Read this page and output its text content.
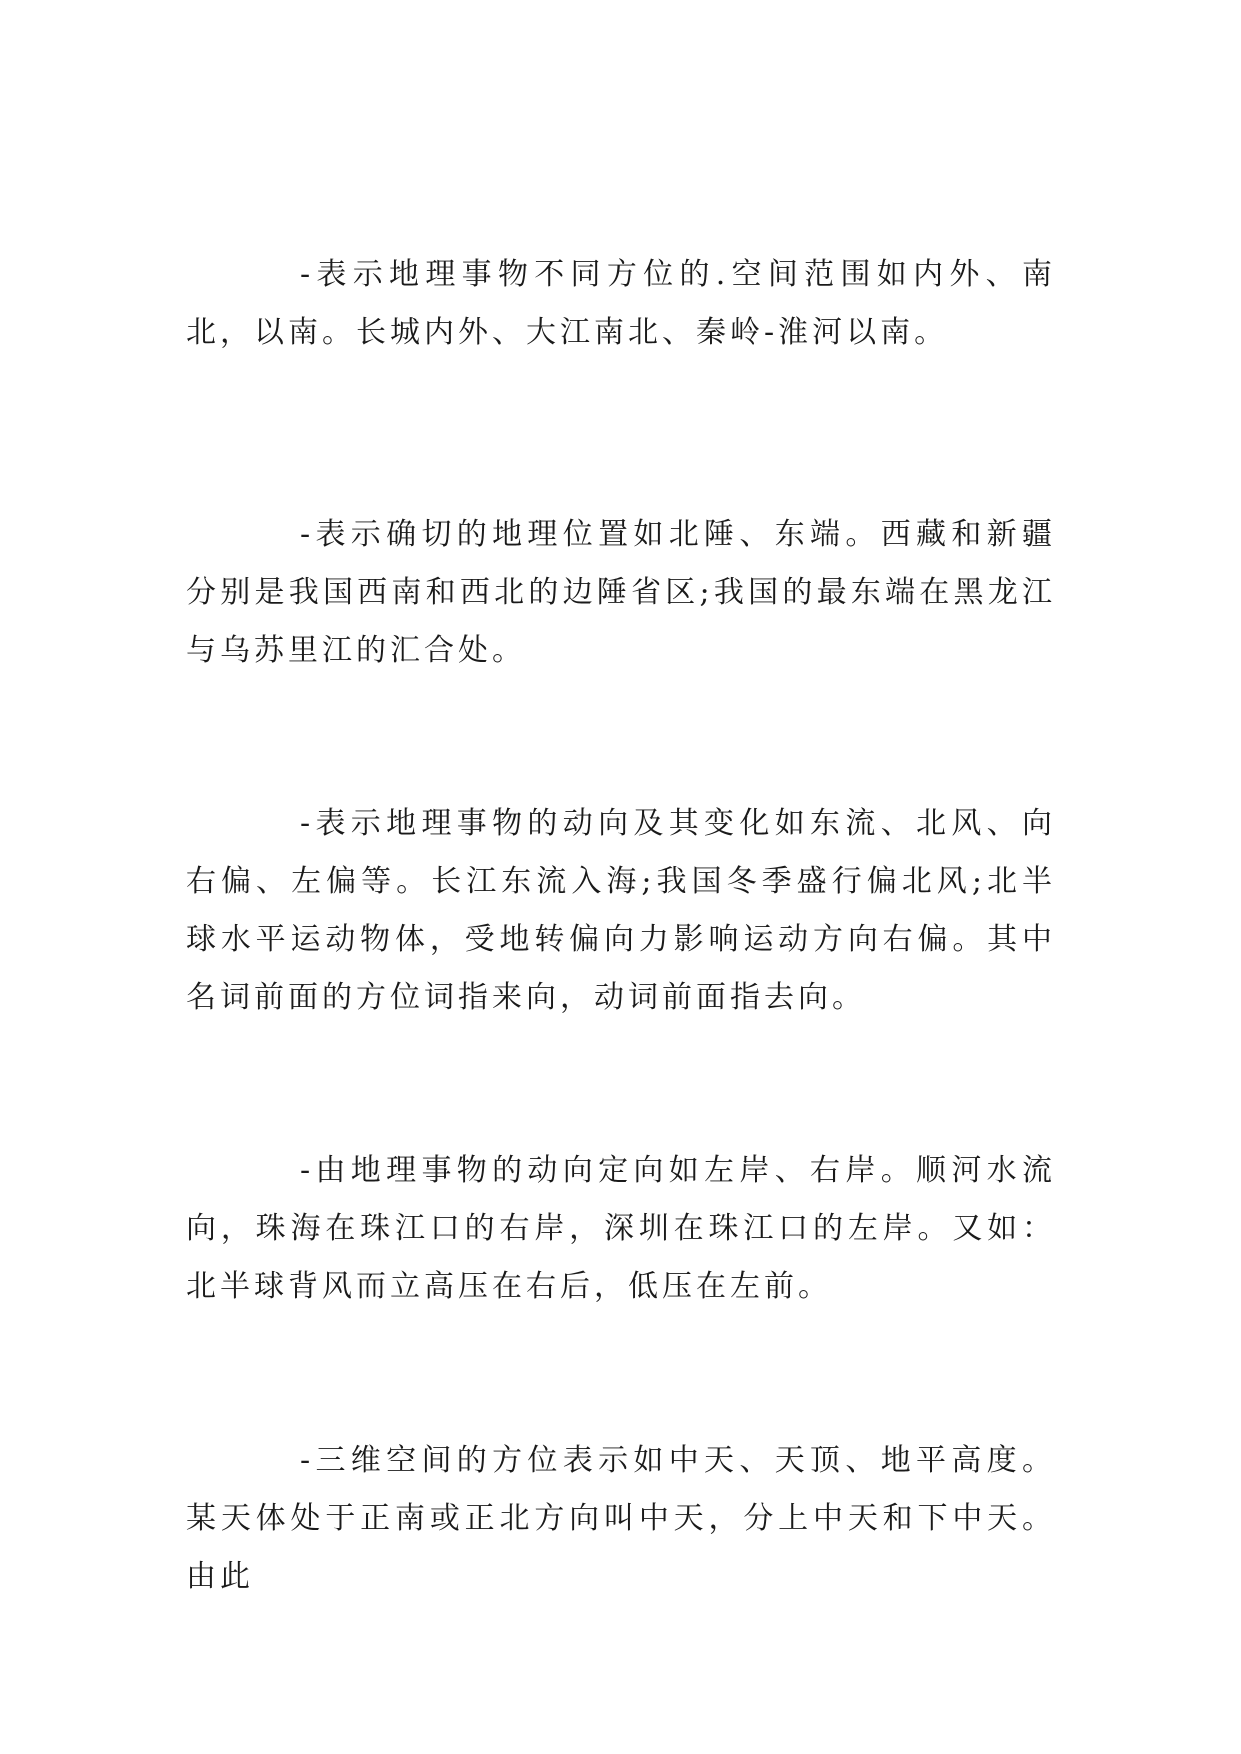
-表示地理事物不同方位的.空间范围如内外、南北，以南。长城内外、大江南北、秦岭-淮河以南。

-表示确切的地理位置如北陲、东端。西藏和新疆分别是我国西南和西北的边陲省区;我国的最东端在黑龙江与乌苏里江的汇合处。

-表示地理事物的动向及其变化如东流、北风、向右偏、左偏等。长江东流入海;我国冬季盛行偏北风;北半球水平运动物体，受地转偏向力影响运动方向右偏。其中名词前面的方位词指来向，动词前面指去向。

-由地理事物的动向定向如左岸、右岸。顺河水流向，珠海在珠江口的右岸，深圳在珠江口的左岸。又如：北半球背风而立高压在右后，低压在左前。

-三维空间的方位表示如中天、天顶、地平高度。某天体处于正南或正北方向叫中天，分上中天和下中天。由此
